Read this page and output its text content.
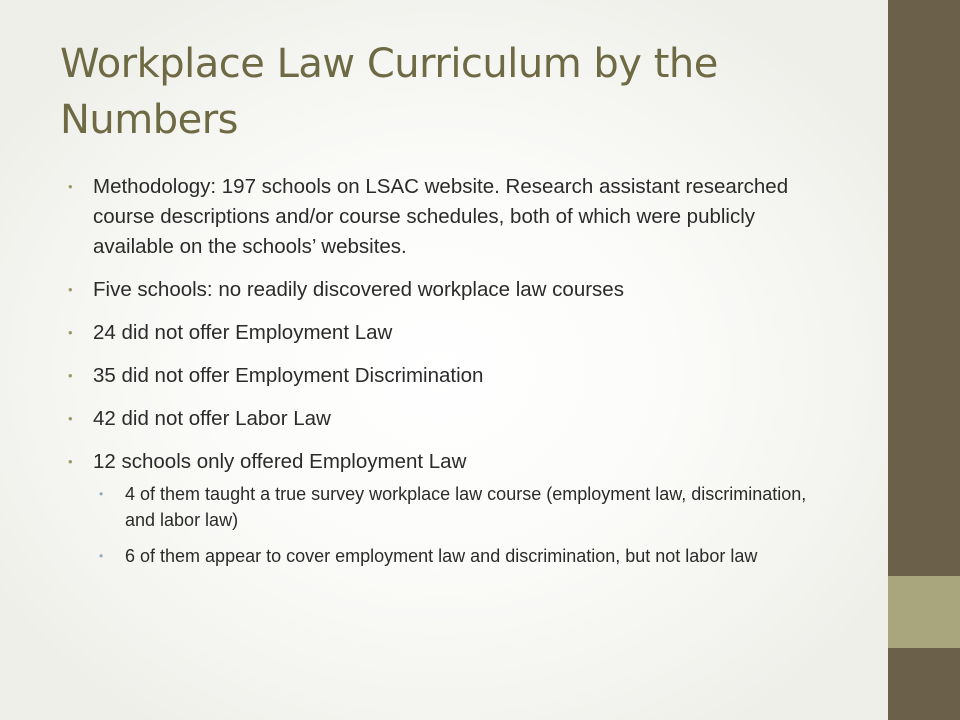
Workplace Law Curriculum by the Numbers
• Methodology: 197 schools on LSAC website. Research assistant researched course descriptions and/or course schedules, both of which were publicly available on the schools’ websites.
• Five schools: no readily discovered workplace law courses
• 24 did not offer Employment Law
• 35 did not offer Employment Discrimination
• 42 did not offer Labor Law
• 12 schools only offered Employment Law
• 4 of them taught a true survey workplace law course (employment law, discrimination, and labor law)
• 6 of them appear to cover employment law and discrimination, but not labor law
